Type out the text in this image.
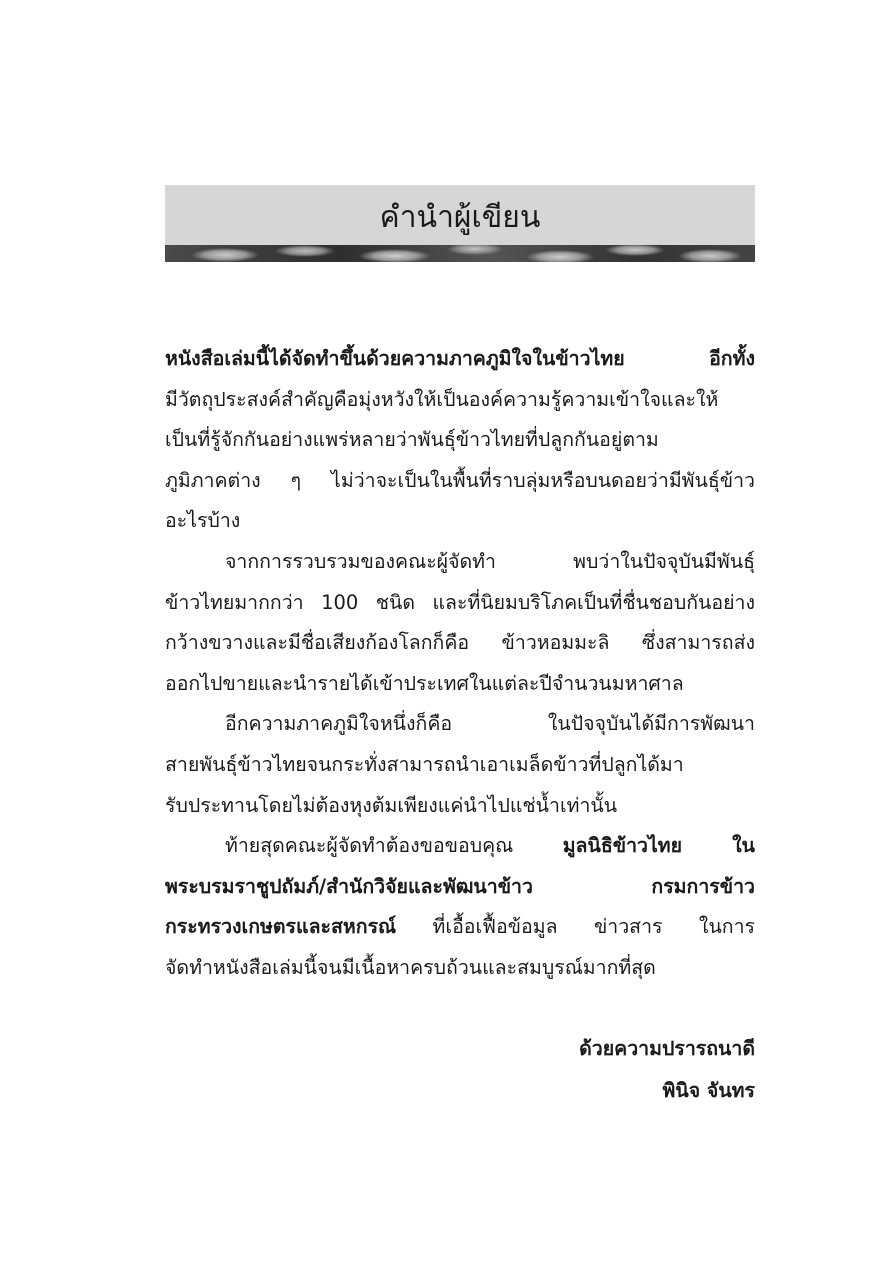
คำนำผู้เขียน
หนังสือเล่มนี้ได้จัดทำขึ้นด้วยความภาคภูมิใจในข้าวไทย อีกทั้ง
มีวัตถุประสงค์สำคัญคือมุ่งหวังให้เป็นองค์ความรู้ความเข้าใจและให้
เป็นที่รู้จักกันอย่างแพร่หลายว่าพันธุ์ข้าวไทยที่ปลูกกันอยู่ตาม
ภูมิภาคต่าง ๆ ไม่ว่าจะเป็นในพื้นที่ราบลุ่มหรือบนดอยว่ามีพันธุ์ข้าว
อะไรบ้าง
จากการรวบรวมของคณะผู้จัดทำ พบว่าในปัจจุบันมีพันธุ์
ข้าวไทยมากกว่า 100 ชนิด และที่นิยมบริโภคเป็นที่ชื่นชอบกันอย่าง
กว้างขวางและมีชื่อเสียงก้องโลกก็คือ ข้าวหอมมะลิ ซึ่งสามารถส่ง
ออกไปขายและนำรายได้เข้าประเทศในแต่ละปีจำนวนมหาศาล
อีกความภาคภูมิใจหนึ่งก็คือ ในปัจจุบันได้มีการพัฒนา
สายพันธุ์ข้าวไทยจนกระทั่งสามารถนำเอาเมล็ดข้าวที่ปลูกได้มา
รับประทานโดยไม่ต้องหุงต้มเพียงแค่นำไปแช่น้ำเท่านั้น
ท้ายสุดคณะผู้จัดทำต้องขอขอบคุณ มูลนิธิข้าวไทย ใน
พระบรมราชูปถัมภ์/สำนักวิจัยและพัฒนาข้าว กรมการข้าว
กระทรวงเกษตรและสหกรณ์ ที่เอื้อเฟื้อข้อมูล ข่าวสาร ในการ
จัดทำหนังสือเล่มนี้จนมีเนื้อหาครบถ้วนและสมบูรณ์มากที่สุด
ด้วยความปรารถนาดี
พินิจ จันทร
